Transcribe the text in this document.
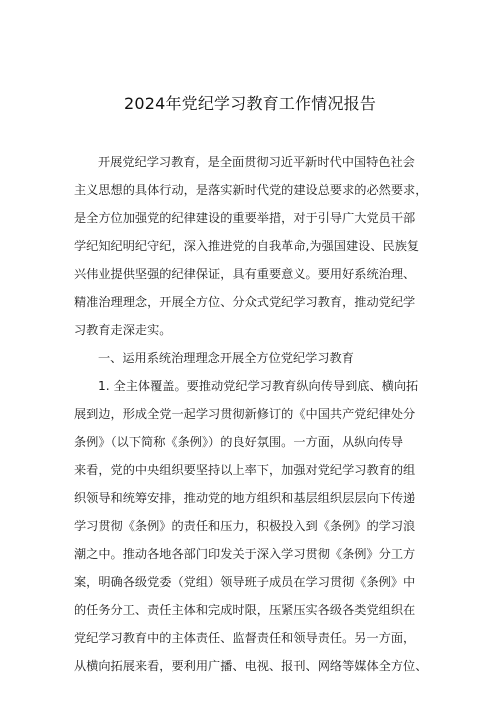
2024年党纪学习教育工作情况报告
开展党纪学习教育，是全面贯彻习近平新时代中国特色社会
主义思想的具体行动，是落实新时代党的建设总要求的必然要求，
是全方位加强党的纪律建设的重要举措，对于引导广大党员干部
学纪知纪明纪守纪，深入推进党的自我革命,为强国建设、民族复
兴伟业提供坚强的纪律保证，具有重要意义。要用好系统治理、
精准治理理念，开展全方位、分众式党纪学习教育，推动党纪学
习教育走深走实。
一、运用系统治理理念开展全方位党纪学习教育
1. 全主体覆盖。要推动党纪学习教育纵向传导到底、横向拓
展到边，形成全党一起学习贯彻新修订的《中国共产党纪律处分
条例》（以下简称《条例》）的良好氛围。一方面，从纵向传导
来看，党的中央组织要坚持以上率下，加强对党纪学习教育的组
织领导和统筹安排，推动党的地方组织和基层组织层层向下传递
学习贯彻《条例》的责任和压力，积极投入到《条例》的学习浪
潮之中。推动各地各部门印发关于深入学习贯彻《条例》分工方
案，明确各级党委（党组）领导班子成员在学习贯彻《条例》中
的任务分工、责任主体和完成时限，压紧压实各级各类党组织在
党纪学习教育中的主体责任、监督责任和领导责任。另一方面，
从横向拓展来看，要利用广播、电视、报刊、网络等媒体全方位、
